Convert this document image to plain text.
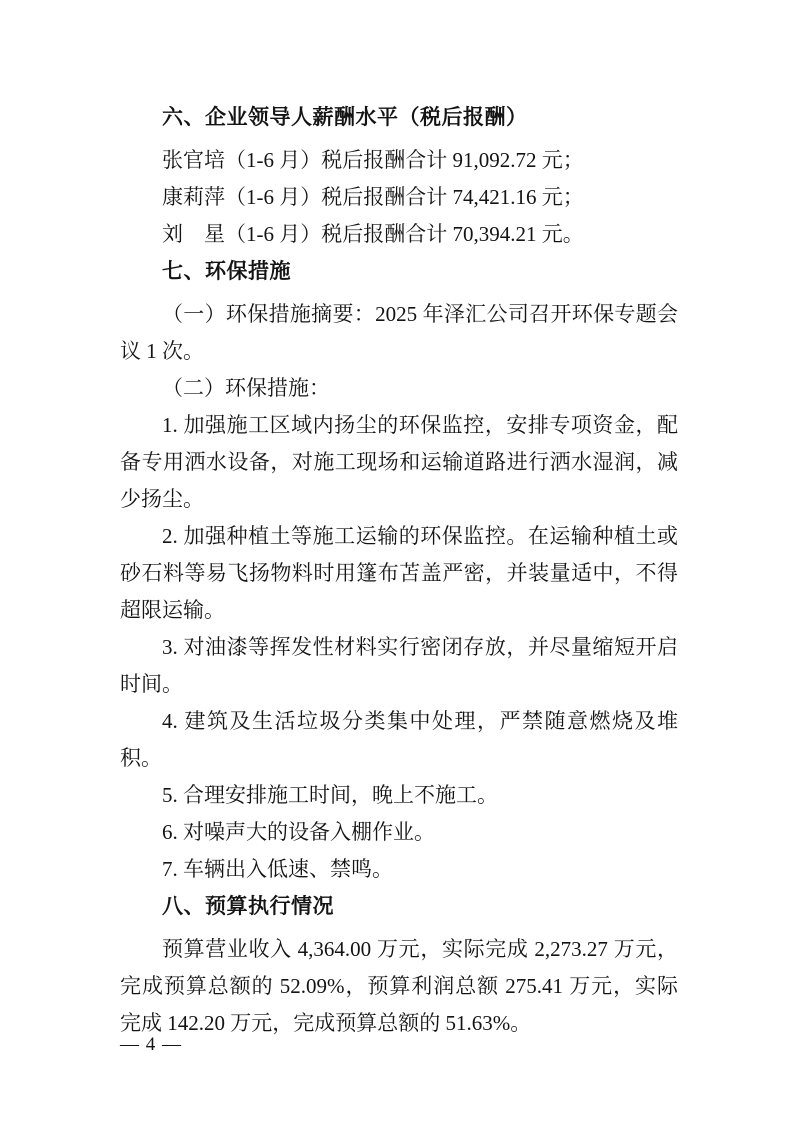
六、企业领导人薪酬水平（税后报酬）

张官培（1-6 月）税后报酬合计 91,092.72 元；

康莉萍（1-6 月）税后报酬合计 74,421.16 元；

刘　星（1-6 月）税后报酬合计 70,394.21 元。

七、环保措施

（一）环保措施摘要：2025 年泽汇公司召开环保专题会议 1 次。

（二）环保措施：

1. 加强施工区域内扬尘的环保监控，安排专项资金，配备专用洒水设备，对施工现场和运输道路进行洒水湿润，减少扬尘。

2. 加强种植土等施工运输的环保监控。在运输种植土或砂石料等易飞扬物料时用篷布苫盖严密，并装量适中，不得超限运输。

3. 对油漆等挥发性材料实行密闭存放，并尽量缩短开启时间。

4. 建筑及生活垃圾分类集中处理，严禁随意燃烧及堆积。

5. 合理安排施工时间，晚上不施工。

6. 对噪声大的设备入棚作业。

7. 车辆出入低速、禁鸣。

八、预算执行情况

预算营业收入 4,364.00 万元，实际完成 2,273.27 万元，完成预算总额的 52.09%，预算利润总额 275.41 万元，实际完成 142.20 万元，完成预算总额的 51.63%。

— 4 —
